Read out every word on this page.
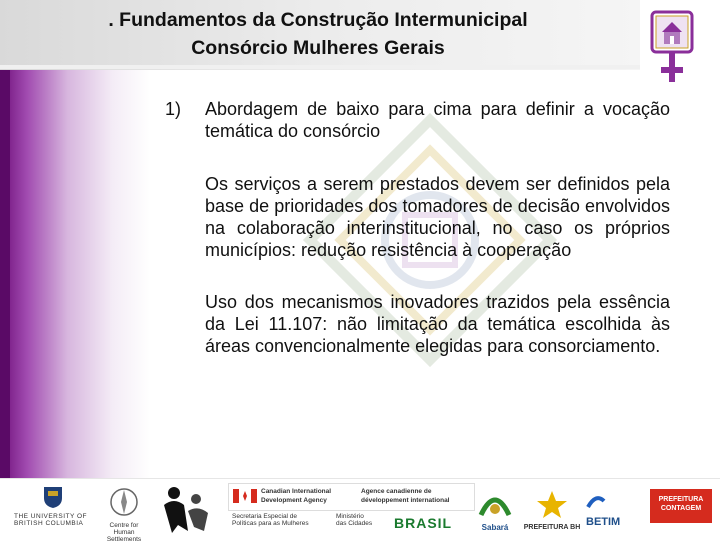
. Fundamentos da Construção Intermunicipal
Consórcio Mulheres Gerais
1)	Abordagem de baixo para cima para definir a vocação temática do consórcio
Os serviços a serem prestados devem ser definidos pela base de prioridades dos tomadores de decisão envolvidos na colaboração interinstitucional, no caso os próprios municípios: redução resistência à cooperação
Uso dos mecanismos inovadores trazidos pela essência da Lei 11.107: não limitação da temática escolhida às áreas convencionalmente elegidas para consorciamento.
THE UNIVERSITY OF
BRITISH COLUMBIA	Centre for
Human Settlements
Canadian International
Development Agency
Agence canadienne de
développement international
Secretaria Especial de
Políticas para as Mulheres
Ministério
das Cidades	BRASIL	Sabará	PREFEITURA BH BETIM
PREFEITURA CONTAGEM
